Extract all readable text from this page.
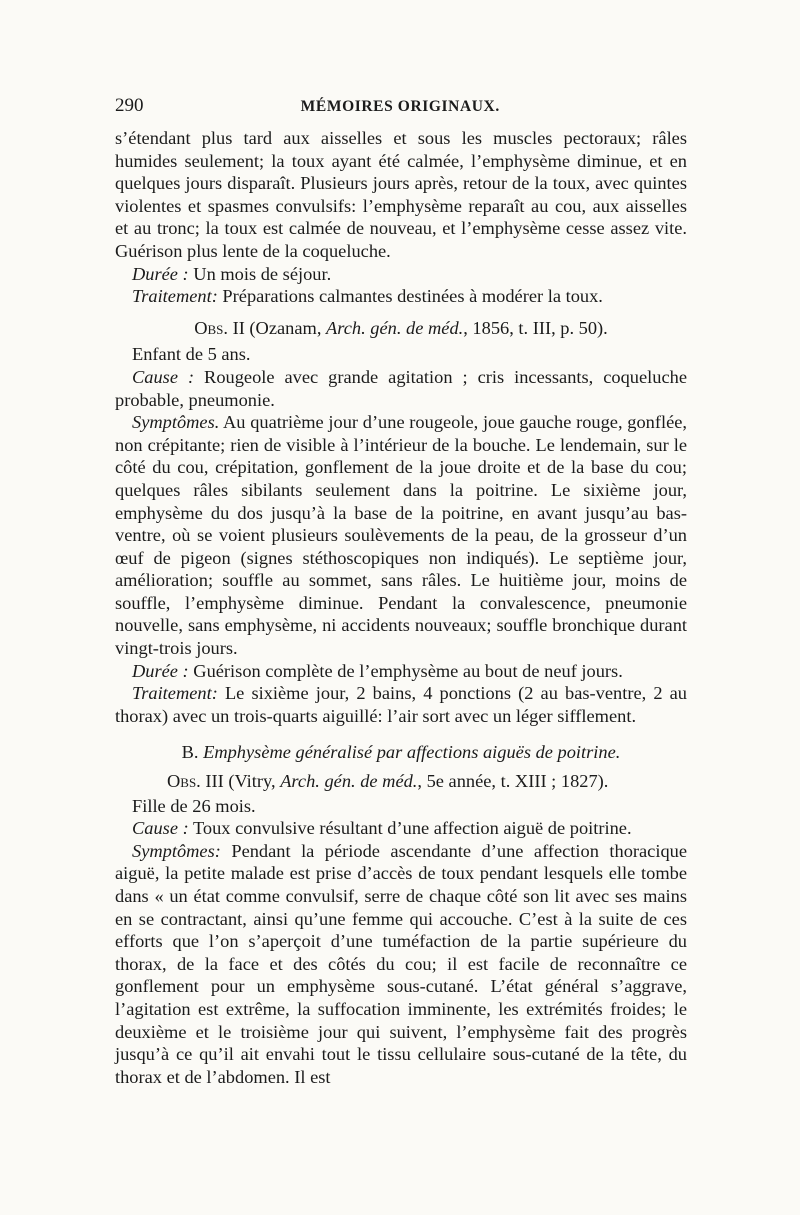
290	MÉMOIRES ORIGINAUX.

s’étendant plus tard aux aisselles et sous les muscles pectoraux; râles humides seulement; la toux ayant été calmée, l’emphysème diminue, et en quelques jours disparaît. Plusieurs jours après, retour de la toux, avec quintes violentes et spasmes convulsifs: l’emphysème reparaît au cou, aux aisselles et au tronc; la toux est calmée de nouveau, et l’emphysème cesse assez vite. Guérison plus lente de la coqueluche.

Durée : Un mois de séjour.

Traitement: Préparations calmantes destinées à modérer la toux.

Obs. II (Ozanam, Arch. gén. de méd., 1856, t. III, p. 50).

Enfant de 5 ans.

Cause : Rougeole avec grande agitation ; cris incessants, coqueluche probable, pneumonie.

Symptômes. Au quatrième jour d’une rougeole, joue gauche rouge, gonflée, non crépitante; rien de visible à l’intérieur de la bouche. Le lendemain, sur le côté du cou, crépitation, gonflement de la joue droite et de la base du cou; quelques râles sibilants seulement dans la poitrine. Le sixième jour, emphysème du dos jusqu’à la base de la poitrine, en avant jusqu’au bas-ventre, où se voient plusieurs soulèvements de la peau, de la grosseur d’un œuf de pigeon (signes stéthoscopiques non indiqués). Le septième jour, amélioration; souffle au sommet, sans râles. Le huitième jour, moins de souffle, l’emphysème diminue. Pendant la convalescence, pneumonie nouvelle, sans emphysème, ni accidents nouveaux; souffle bronchique durant vingt-trois jours.

Durée : Guérison complète de l’emphysème au bout de neuf jours.

Traitement: Le sixième jour, 2 bains, 4 ponctions (2 au bas-ventre, 2 au thorax) avec un trois-quarts aiguillé: l’air sort avec un léger sifflement.

B. Emphysème généralisé par affections aiguës de poitrine.

Obs. III (Vitry, Arch. gén. de méd., 5e année, t. XIII ; 1827).

Fille de 26 mois.

Cause : Toux convulsive résultant d’une affection aiguë de poitrine.

Symptômes: Pendant la période ascendante d’une affection thoracique aiguë, la petite malade est prise d’accès de toux pendant lesquels elle tombe dans « un état comme convulsif, serre de chaque côté son lit avec ses mains en se contractant, ainsi qu’une femme qui accouche. C’est à la suite de ces efforts que l’on s’aperçoit d’une tuméfaction de la partie supérieure du thorax, de la face et des côtés du cou; il est facile de reconnaître ce gonflement pour un emphysème sous-cutané. L’état général s’aggrave, l’agitation est extrême, la suffocation imminente, les extrémités froides; le deuxième et le troisième jour qui suivent, l’emphysème fait des progrès jusqu’à ce qu’il ait envahi tout le tissu cellulaire sous-cutané de la tête, du thorax et de l’abdomen. Il est
